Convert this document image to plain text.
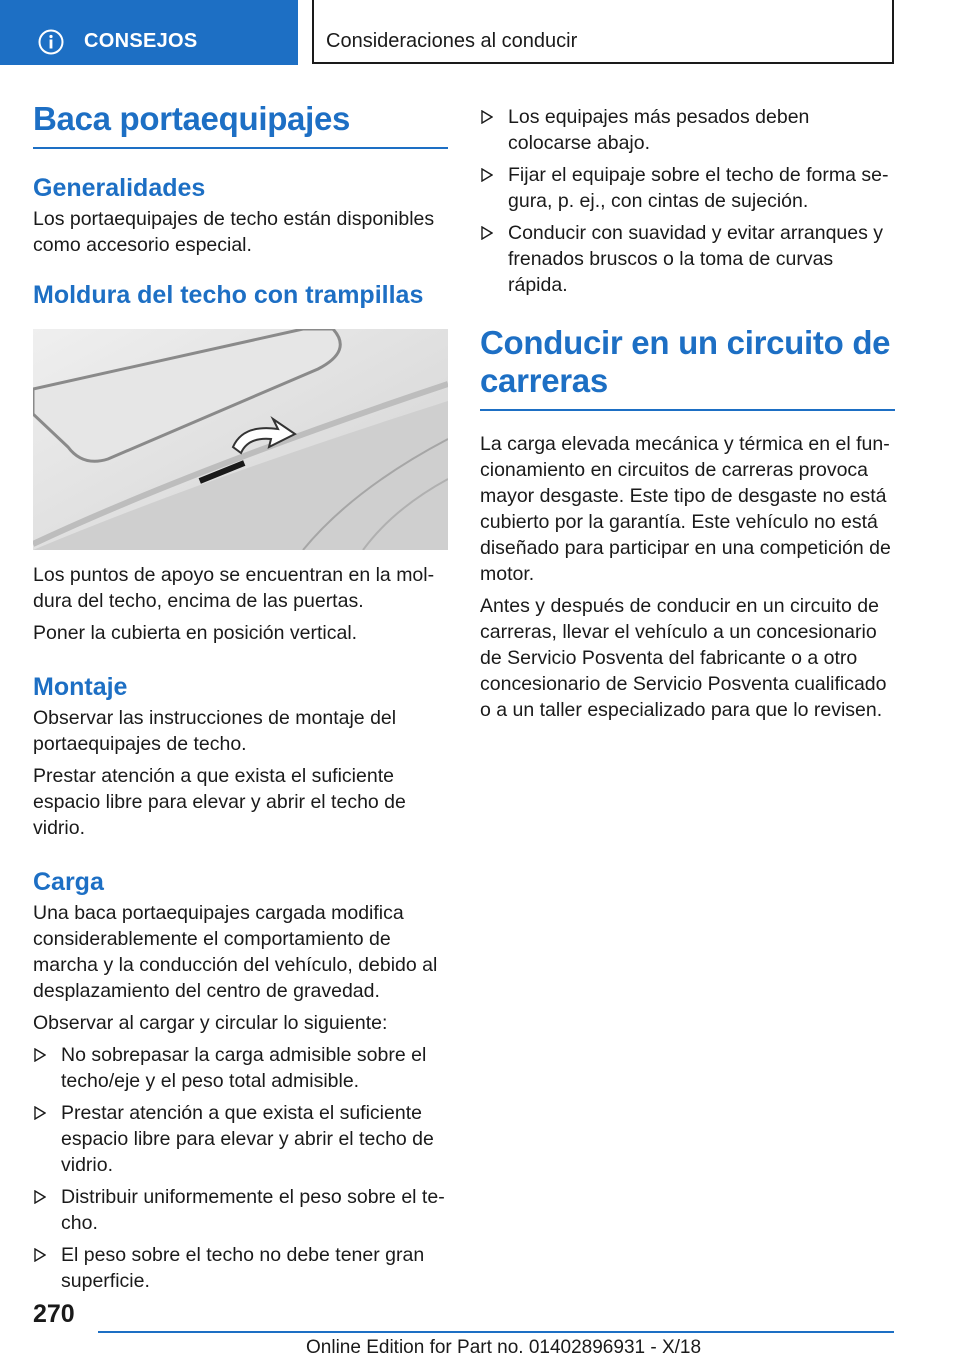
CONSEJOS	Consideraciones al conducir
Baca portaequipajes
Generalidades

Los portaequipajes de techo están disponibles como accesorio especial.

Moldura del techo con trampillas

Los puntos de apoyo se encuentran en la moldura del techo, encima de las puertas.

Poner la cubierta en posición vertical.

Montaje

Observar las instrucciones de montaje del portaequipajes de techo.

Prestar atención a que exista el suficiente espacio libre para elevar y abrir el techo de vidrio.

Carga

Una baca portaequipajes cargada modifica considerablemente el comportamiento de marcha y la conducción del vehículo, debido al desplazamiento del centro de gravedad.

Observar al cargar y circular lo siguiente:

No sobrepasar la carga admisible sobre el techo/eje y el peso total admisible.
Prestar atención a que exista el suficiente espacio libre para elevar y abrir el techo de vidrio.
Distribuir uniformemente el peso sobre el techo.
El peso sobre el techo no debe tener gran superficie.
Los equipajes más pesados deben colocarse abajo.
Fijar el equipaje sobre el techo de forma segura, p. ej., con cintas de sujeción.
Conducir con suavidad y evitar arranques y frenados bruscos o la toma de curvas rápida.
Conducir en un circuito de carreras

La carga elevada mecánica y térmica en el funcionamiento en circuitos de carreras provoca mayor desgaste. Este tipo de desgaste no está cubierto por la garantía. Este vehículo no está diseñado para participar en una competición de motor.

Antes y después de conducir en un circuito de carreras, llevar el vehículo a un concesionario de Servicio Posventa del fabricante o a otro concesionario de Servicio Posventa cualificado o a un taller especializado para que lo revisen.

270
Online Edition for Part no. 01402896931 - X/18
